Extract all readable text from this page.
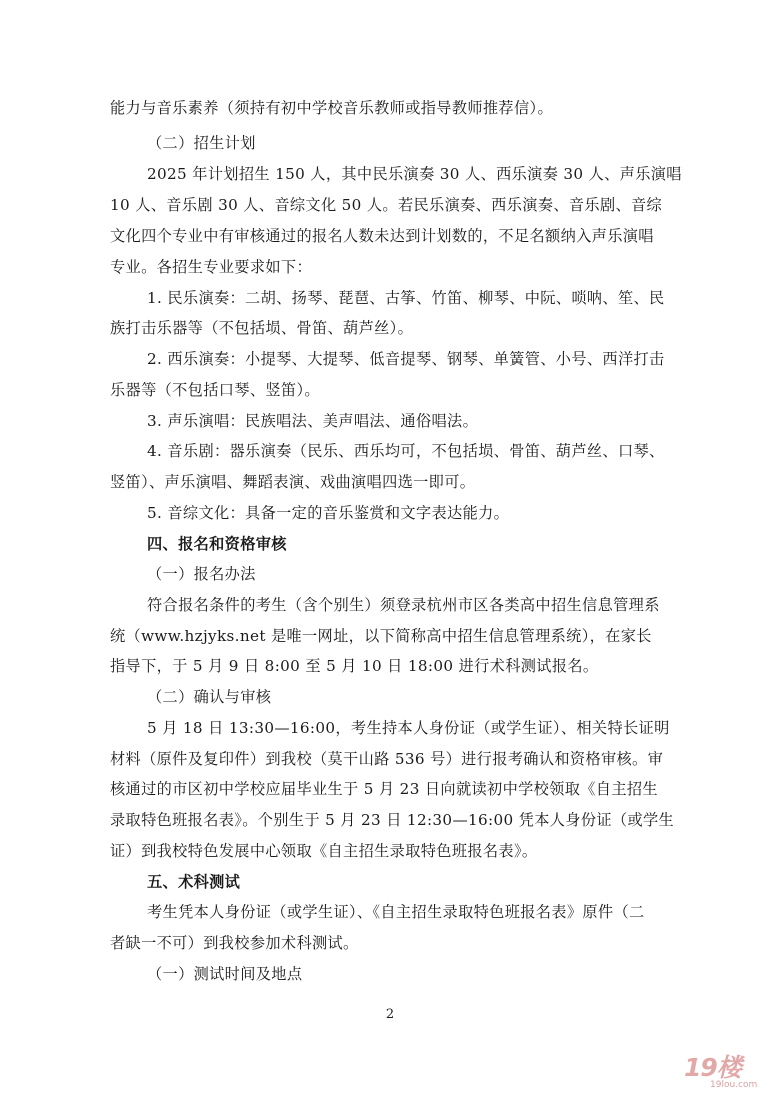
能力与音乐素养（须持有初中学校音乐教师或指导教师推荐信）。
（二）招生计划
2025 年计划招生 150 人，其中民乐演奏 30 人、西乐演奏 30 人、声乐演唱
10 人、音乐剧 30 人、音综文化 50 人。若民乐演奏、西乐演奏、音乐剧、音综
文化四个专业中有审核通过的报名人数未达到计划数的，不足名额纳入声乐演唱
专业。各招生专业要求如下：
1. 民乐演奏：二胡、扬琴、琵琶、古筝、竹笛、柳琴、中阮、唢呐、笙、民
族打击乐器等（不包括埙、骨笛、葫芦丝）。
2. 西乐演奏：小提琴、大提琴、低音提琴、钢琴、单簧管、小号、西洋打击
乐器等（不包括口琴、竖笛）。
3. 声乐演唱：民族唱法、美声唱法、通俗唱法。
4. 音乐剧：器乐演奏（民乐、西乐均可，不包括埙、骨笛、葫芦丝、口琴、
竖笛）、声乐演唱、舞蹈表演、戏曲演唱四选一即可。
5. 音综文化：具备一定的音乐鉴赏和文字表达能力。
四、报名和资格审核
（一）报名办法
符合报名条件的考生（含个别生）须登录杭州市区各类高中招生信息管理系
统（www.hzjyks.net 是唯一网址，以下简称高中招生信息管理系统），在家长
指导下，于 5 月 9 日 8:00 至 5 月 10 日 18:00 进行术科测试报名。
（二）确认与审核
5 月 18 日 13:30—16:00，考生持本人身份证（或学生证）、相关特长证明
材料（原件及复印件）到我校（莫干山路 536 号）进行报考确认和资格审核。审
核通过的市区初中学校应届毕业生于 5 月 23 日向就读初中学校领取《自主招生
录取特色班报名表》。个别生于 5 月 23 日 12:30—16:00 凭本人身份证（或学生
证）到我校特色发展中心领取《自主招生录取特色班报名表》。
五、术科测试
考生凭本人身份证（或学生证）、《自主招生录取特色班报名表》原件（二
者缺一不可）到我校参加术科测试。
（一）测试时间及地点
2
19楼
19lou.com
